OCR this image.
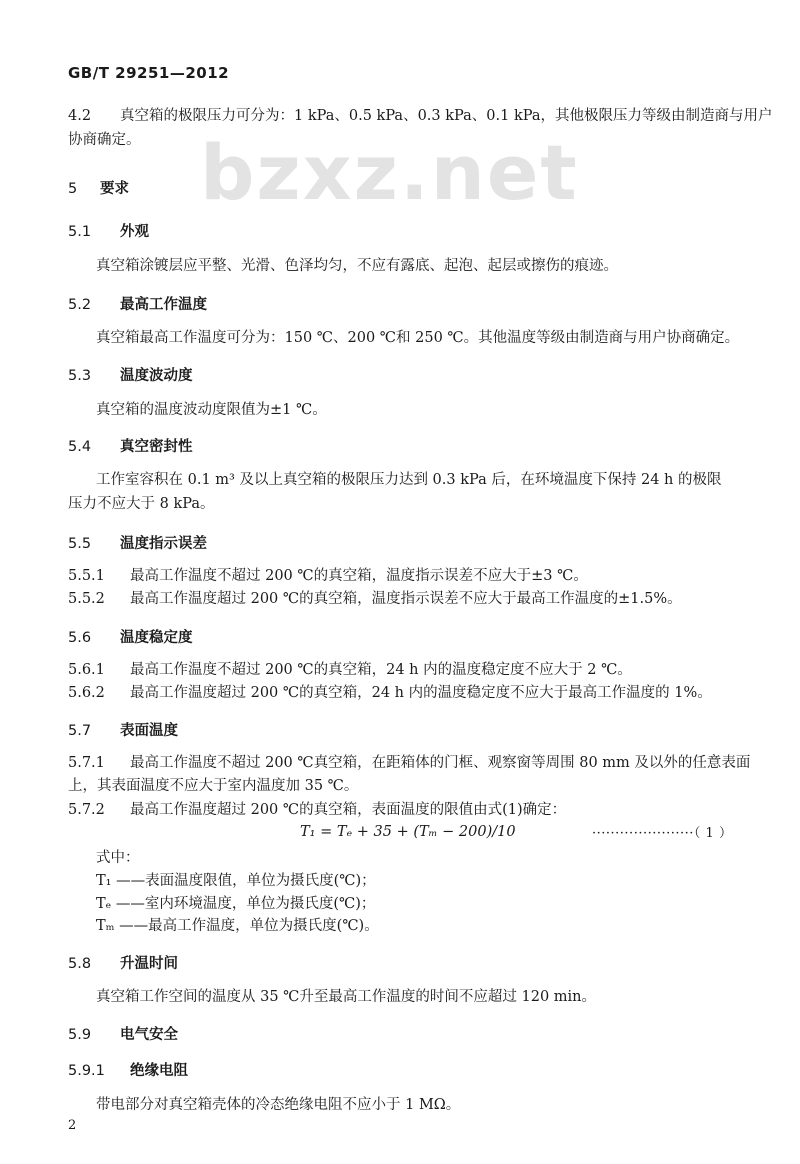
GB/T 29251—2012
bzxz.net
4.2 真空箱的极限压力可分为：1 kPa、0.5 kPa、0.3 kPa、0.1 kPa，其他极限压力等级由制造商与用户
协商确定。
5 要求
5.1 外观
真空箱涂镀层应平整、光滑、色泽均匀，不应有露底、起泡、起层或擦伤的痕迹。
5.2 最高工作温度
真空箱最高工作温度可分为：150 ℃、200 ℃和 250 ℃。其他温度等级由制造商与用户协商确定。
5.3 温度波动度
真空箱的温度波动度限值为±1 ℃。
5.4 真空密封性
工作室容积在 0.1 m³ 及以上真空箱的极限压力达到 0.3 kPa 后，在环境温度下保持 24 h 的极限
压力不应大于 8 kPa。
5.5 温度指示误差
5.5.1 最高工作温度不超过 200 ℃的真空箱，温度指示误差不应大于±3 ℃。
5.5.2 最高工作温度超过 200 ℃的真空箱，温度指示误差不应大于最高工作温度的±1.5%。
5.6 温度稳定度
5.6.1 最高工作温度不超过 200 ℃的真空箱，24 h 内的温度稳定度不应大于 2 ℃。
5.6.2 最高工作温度超过 200 ℃的真空箱，24 h 内的温度稳定度不应大于最高工作温度的 1%。
5.7 表面温度
5.7.1 最高工作温度不超过 200 ℃真空箱，在距箱体的门框、观察窗等周围 80 mm 及以外的任意表面
上，其表面温度不应大于室内温度加 35 ℃。
5.7.2 最高工作温度超过 200 ℃的真空箱，表面温度的限值由式(1)确定：
T₁ = Tₑ + 35 + (Tₘ − 200)/10	······················（ 1 ）
式中：
T₁ ——表面温度限值，单位为摄氏度(℃)；
Tₑ ——室内环境温度，单位为摄氏度(℃)；
Tₘ ——最高工作温度，单位为摄氏度(℃)。
5.8 升温时间
真空箱工作空间的温度从 35 ℃升至最高工作温度的时间不应超过 120 min。
5.9 电气安全
5.9.1 绝缘电阻
带电部分对真空箱壳体的冷态绝缘电阻不应小于 1 MΩ。
2
